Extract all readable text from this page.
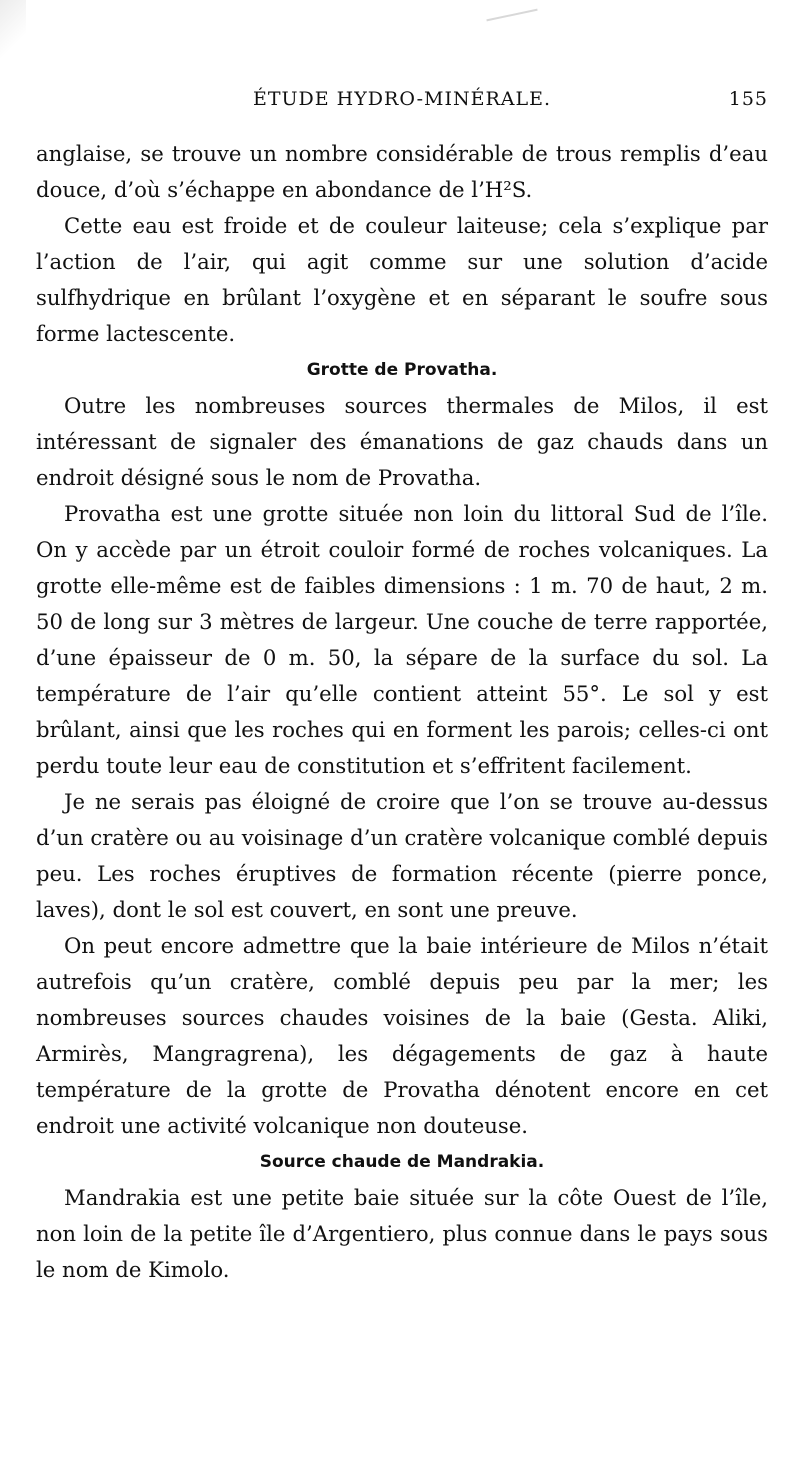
ÉTUDE HYDRO-MINÉRALE.	155

anglaise, se trouve un nombre considérable de trous remplis d’eau douce, d’où s’échappe en abondance de l’H²S.

Cette eau est froide et de couleur laiteuse; cela s’explique par l’action de l’air, qui agit comme sur une solution d’acide sulfhydrique en brûlant l’oxygène et en séparant le soufre sous forme lactescente.

Grotte de Provatha.

Outre les nombreuses sources thermales de Milos, il est intéressant de signaler des émanations de gaz chauds dans un endroit désigné sous le nom de Provatha.

Provatha est une grotte située non loin du littoral Sud de l’île. On y accède par un étroit couloir formé de roches volcaniques. La grotte elle-même est de faibles dimensions : 1 m. 70 de haut, 2 m. 50 de long sur 3 mètres de largeur. Une couche de terre rapportée, d’une épaisseur de 0 m. 50, la sépare de la surface du sol. La température de l’air qu’elle contient atteint 55°. Le sol y est brûlant, ainsi que les roches qui en forment les parois; celles-ci ont perdu toute leur eau de constitution et s’effritent facilement.

Je ne serais pas éloigné de croire que l’on se trouve au-dessus d’un cratère ou au voisinage d’un cratère volcanique comblé depuis peu. Les roches éruptives de formation récente (pierre ponce, laves), dont le sol est couvert, en sont une preuve.

On peut encore admettre que la baie intérieure de Milos n’était autrefois qu’un cratère, comblé depuis peu par la mer; les nombreuses sources chaudes voisines de la baie (Gesta. Aliki, Armirès, Mangragrena), les dégagements de gaz à haute température de la grotte de Provatha dénotent encore en cet endroit une activité volcanique non douteuse.

Source chaude de Mandrakia.

Mandrakia est une petite baie située sur la côte Ouest de l’île, non loin de la petite île d’Argentiero, plus connue dans le pays sous le nom de Kimolo.
